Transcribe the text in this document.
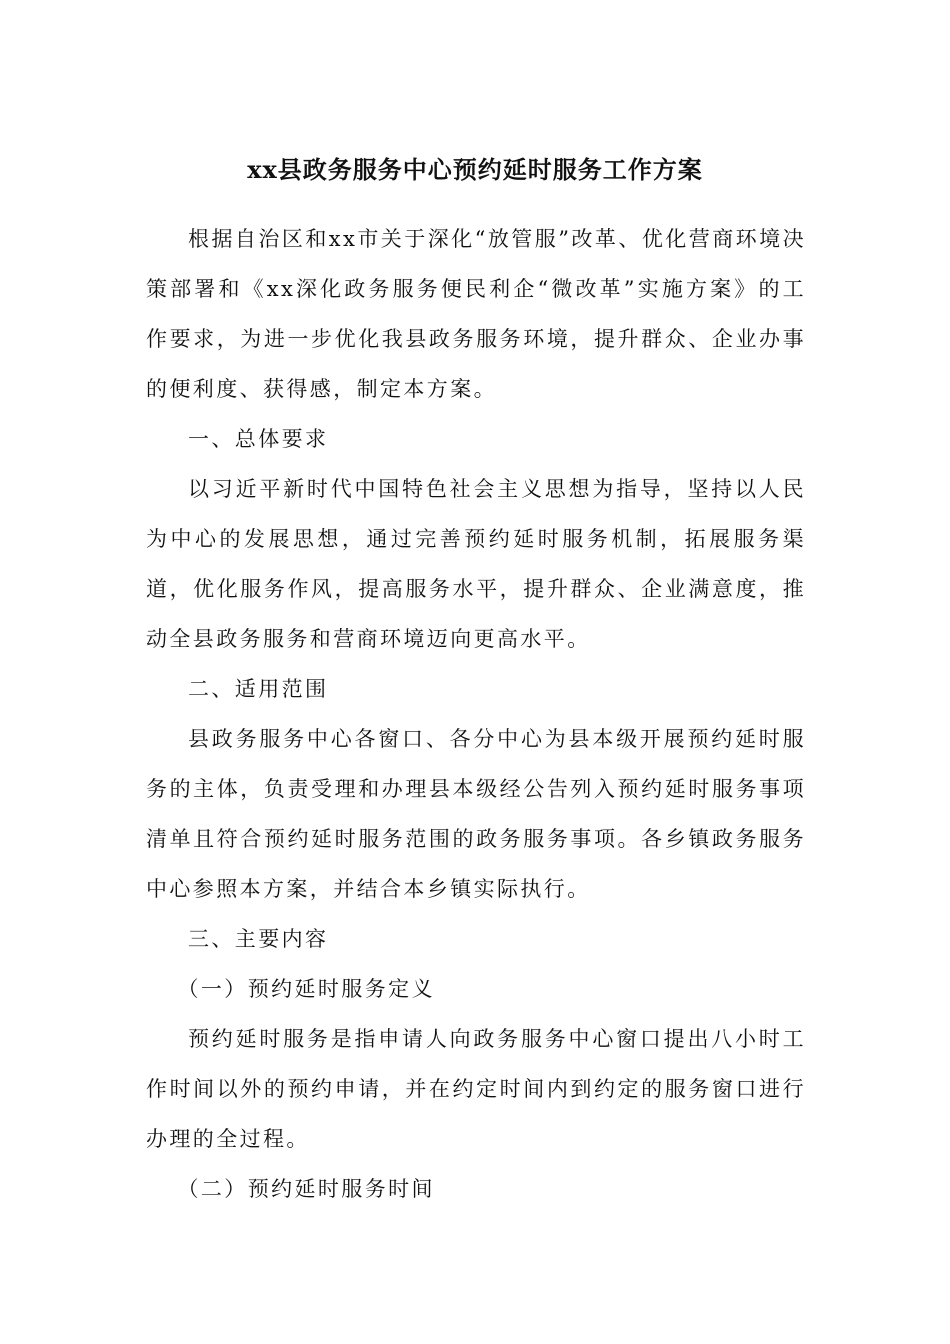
xx县政务服务中心预约延时服务工作方案

根据自治区和xx市关于深化“放管服”改革、优化营商环境决策部署和《xx深化政务服务便民利企“微改革”实施方案》的工作要求，为进一步优化我县政务服务环境，提升群众、企业办事的便利度、获得感，制定本方案。

一、总体要求

以习近平新时代中国特色社会主义思想为指导，坚持以人民为中心的发展思想，通过完善预约延时服务机制，拓展服务渠道，优化服务作风，提高服务水平，提升群众、企业满意度，推动全县政务服务和营商环境迈向更高水平。

二、适用范围

县政务服务中心各窗口、各分中心为县本级开展预约延时服务的主体，负责受理和办理县本级经公告列入预约延时服务事项清单且符合预约延时服务范围的政务服务事项。各乡镇政务服务中心参照本方案，并结合本乡镇实际执行。

三、主要内容

（一）预约延时服务定义

预约延时服务是指申请人向政务服务中心窗口提出八小时工作时间以外的预约申请，并在约定时间内到约定的服务窗口进行办理的全过程。

（二）预约延时服务时间
